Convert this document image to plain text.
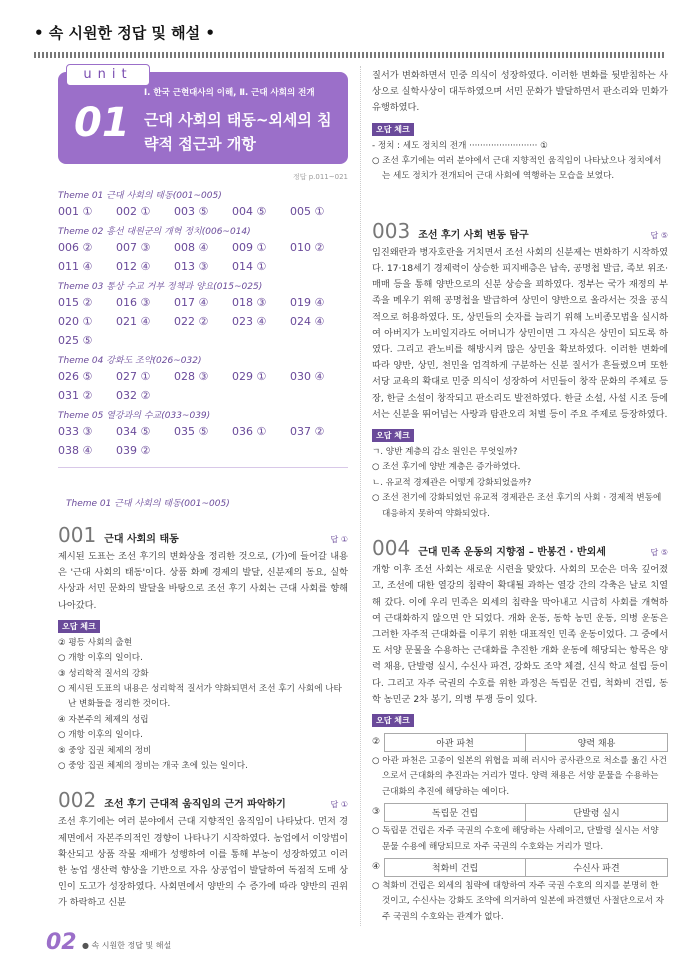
• 속 시원한 정답 및 해설 •
unit
01
Ⅰ. 한국 근현대사의 이해, Ⅱ. 근대 사회의 전개
근대 사회의 태동~외세의 침략적 접근과 개항
정답 p.011~021
Theme 01 근대 사회의 태동(001~005)
001 ①	002 ①	003 ⑤	004 ⑤	005 ①
Theme 02 흥선 대원군의 개혁 정치(006~014)
006 ②	007 ③	008 ④	009 ①	010 ②
011 ④	012 ④	013 ③	014 ①
Theme 03 통상 수교 거부 정책과 양요(015~025)
015 ②	016 ③	017 ④	018 ③	019 ④
020 ①	021 ④	022 ②	023 ④	024 ④
025 ⑤
Theme 04 강화도 조약(026~032)
026 ⑤	027 ①	028 ③	029 ①	030 ④
031 ②	032 ②
Theme 05 열강과의 수교(033~039)
033 ③	034 ⑤	035 ⑤	036 ①	037 ②
038 ④	039 ②
Theme 01 근대 사회의 태동(001~005)
001 근대 사회의 태동	답 ①
제시된 도표는 조선 후기의 변화상을 정리한 것으로, (가)에 들어갈 내용은 '근대 사회의 태동'이다. 상품 화폐 경제의 발달, 신분제의 동요, 실학사상과 서민 문화의 발달을 바탕으로 조선 후기 사회는 근대 사회를 향해 나아갔다.
오답 체크
② 평등 사회의 출현
○ 개항 이후의 일이다.
③ 성리학적 질서의 강화
○ 제시된 도표의 내용은 성리학적 질서가 약화되면서 조선 후기 사회에 나타난 변화들을 정리한 것이다.
④ 자본주의 체제의 성립
○ 개항 이후의 일이다.
⑤ 중앙 집권 체제의 정비
○ 중앙 집권 체제의 정비는 개국 초에 있는 일이다.
002 조선 후기 근대적 움직임의 근거 파악하기	답 ①
조선 후기에는 여러 분야에서 근대 지향적인 움직임이 나타났다. 먼저 경제면에서 자본주의적인 경향이 나타나기 시작하였다. 농업에서 이앙법이 확산되고 상품 작물 재배가 성행하여 이를 통해 부농이 성장하였고 이러한 농업 생산력 향상을 기반으로 자유 상공업이 발달하여 독점적 도매 상인이 도고가 성장하였다. 사회면에서 양반의 수 증가에 따라 양반의 권위가 하락하고 신분
질서가 변화하면서 민중 의식이 성장하였다. 이러한 변화를 뒷받침하는 사상으로 실학사상이 대두하였으며 서민 문화가 발달하면서 판소리와 민화가 유행하였다.
오답 체크
- 정치 : 세도 정치의 전개 ························· ①
○ 조선 후기에는 여러 분야에서 근대 지향적인 움직임이 나타났으나 정치에서는 세도 정치가 전개되어 근대 사회에 역행하는 모습을 보였다.
003 조선 후기 사회 변동 탐구	답 ⑤
임진왜란과 병자호란을 거치면서 조선 사회의 신분제는 변화하기 시작하였다. 17·18세기 경제력이 상승한 피지배층은 납속, 공명첩 발급, 족보 위조·매매 등을 통해 양반으로의 신분 상승을 꾀하였다. 정부는 국가 재정의 부족을 메우기 위해 공명첩을 발급하여 상민이 양반으로 올라서는 것을 공식적으로 허용하였다. 또, 상민들의 숫자를 늘리기 위해 노비종모법을 실시하여 아버지가 노비일지라도 어머니가 상민이면 그 자식은 상민이 되도록 하였다. 그리고 관노비를 해방시켜 많은 상민을 확보하였다. 이러한 변화에 따라 양반, 상민, 천민을 엄격하게 구분하는 신분 질서가 흔들렸으며 또한 서당 교육의 확대로 민중 의식이 성장하여 서민들이 창작 문화의 주체로 등장, 한글 소설이 창작되고 판소리도 발전하였다. 한글 소설, 사설 시조 등에서는 신분을 뛰어넘는 사랑과 탐관오리 처벌 등이 주요 주제로 등장하였다.
오답 체크
ㄱ. 양반 계층의 감소 원인은 무엇일까?
○ 조선 후기에 양반 계층은 증가하였다.
ㄴ. 유교적 경제관은 어떻게 강화되었을까?
○ 조선 전기에 강화되었던 유교적 경제관은 조선 후기의 사회 · 경제적 변동에 대응하지 못하여 약화되었다.
004 근대 민족 운동의 지향점 – 반봉건 · 반외세	답 ⑤
개항 이후 조선 사회는 새로운 시련을 맞았다. 사회의 모순은 더욱 깊어졌고, 조선에 대한 열강의 침략이 확대될 과하는 열강 간의 각축은 날로 치열해 갔다. 이에 우리 민족은 외세의 침략을 막아내고 시급히 사회를 개혁하여 근대화하지 않으면 안 되었다. 개화 운동, 동학 농민 운동, 의병 운동은 그러한 자주적 근대화를 이루기 위한 대표적인 민족 운동이었다. 그 중에서도 서양 문물을 수용하는 근대화를 추진한 개화 운동에 해당되는 항목은 양력 채용, 단발령 실시, 수신사 파견, 강화도 조약 체결, 신식 학교 설립 등이다. 그리고 자주 국권의 수호를 위한 과정은 독립문 건립, 척화비 건립, 동학 농민군 2차 봉기, 의병 투쟁 등이 있다.
오답 체크
②	아관 파천	양력 채용
○ 아관 파천은 고종이 일본의 위협을 피해 러시아 공사관으로 처소를 옮긴 사건으로서 근대화의 추진과는 거리가 멀다. 양력 채용은 서양 문물을 수용하는 근대화의 추진에 해당하는 예이다.
③	독립문 건립	단발령 실시
○ 독립문 건립은 자주 국권의 수호에 해당하는 사례이고, 단발령 실시는 서양 문물 수용에 해당되므로 자주 국권의 수호와는 거리가 멀다.
④	척화비 건립	수신사 파견
○ 척화비 건립은 외세의 침략에 대항하여 자주 국권 수호의 의지를 분명히 한 것이고, 수신사는 강화도 조약에 의거하여 일본에 파견했던 사절단으로서 자주 국권의 수호와는 관계가 없다.
02 ● 속 시원한 정답 및 해설
